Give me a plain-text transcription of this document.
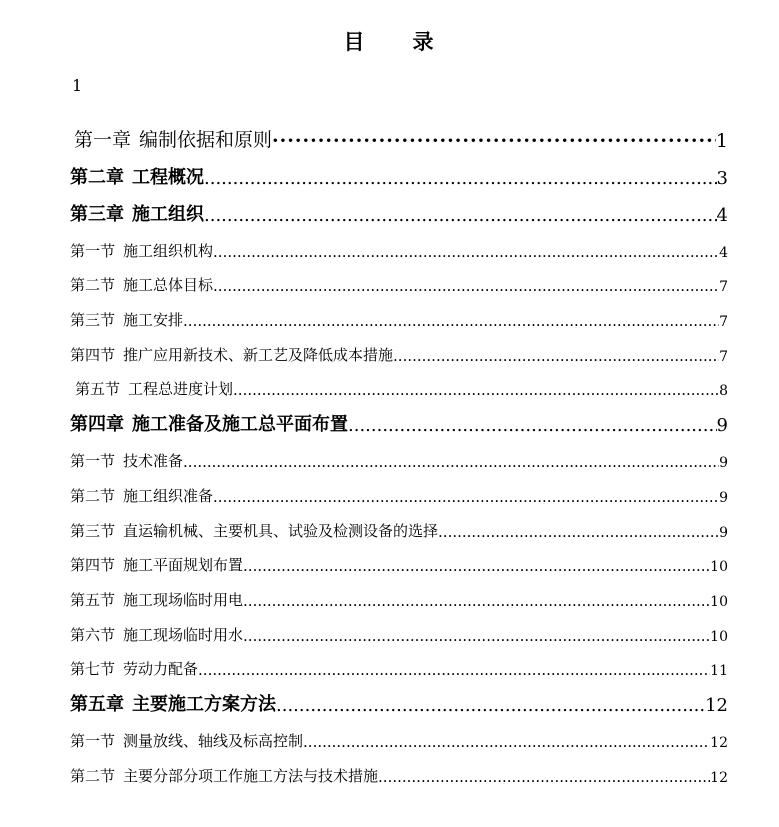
目 录
1
第一章 编制依据和原则 ·····	1
第二章 工程概况 .....	3
第三章 施工组织 .....	4
第一节 施工组织机构 .....	4
第二节 施工总体目标 .....	7
第三节 施工安排 .....	7
第四节 推广应用新技术、新工艺及降低成本措施 .....	7
第五节 工程总进度计划 .....	8
第四章 施工准备及施工总平面布置 .....	9
第一节 技术准备 .....	9
第二节 施工组织准备 .....	9
第三节 直运输机械、主要机具、试验及检测设备的选择 .....	9
第四节 施工平面规划布置 .....	10
第五节 施工现场临时用电 .....	10
第六节 施工现场临时用水 .....	10
第七节 劳动力配备 .....	11
第五章 主要施工方案方法 .....	12
第一节 测量放线、轴线及标高控制 .....	12
第二节 主要分部分项工作施工方法与技术措施 .....	12
